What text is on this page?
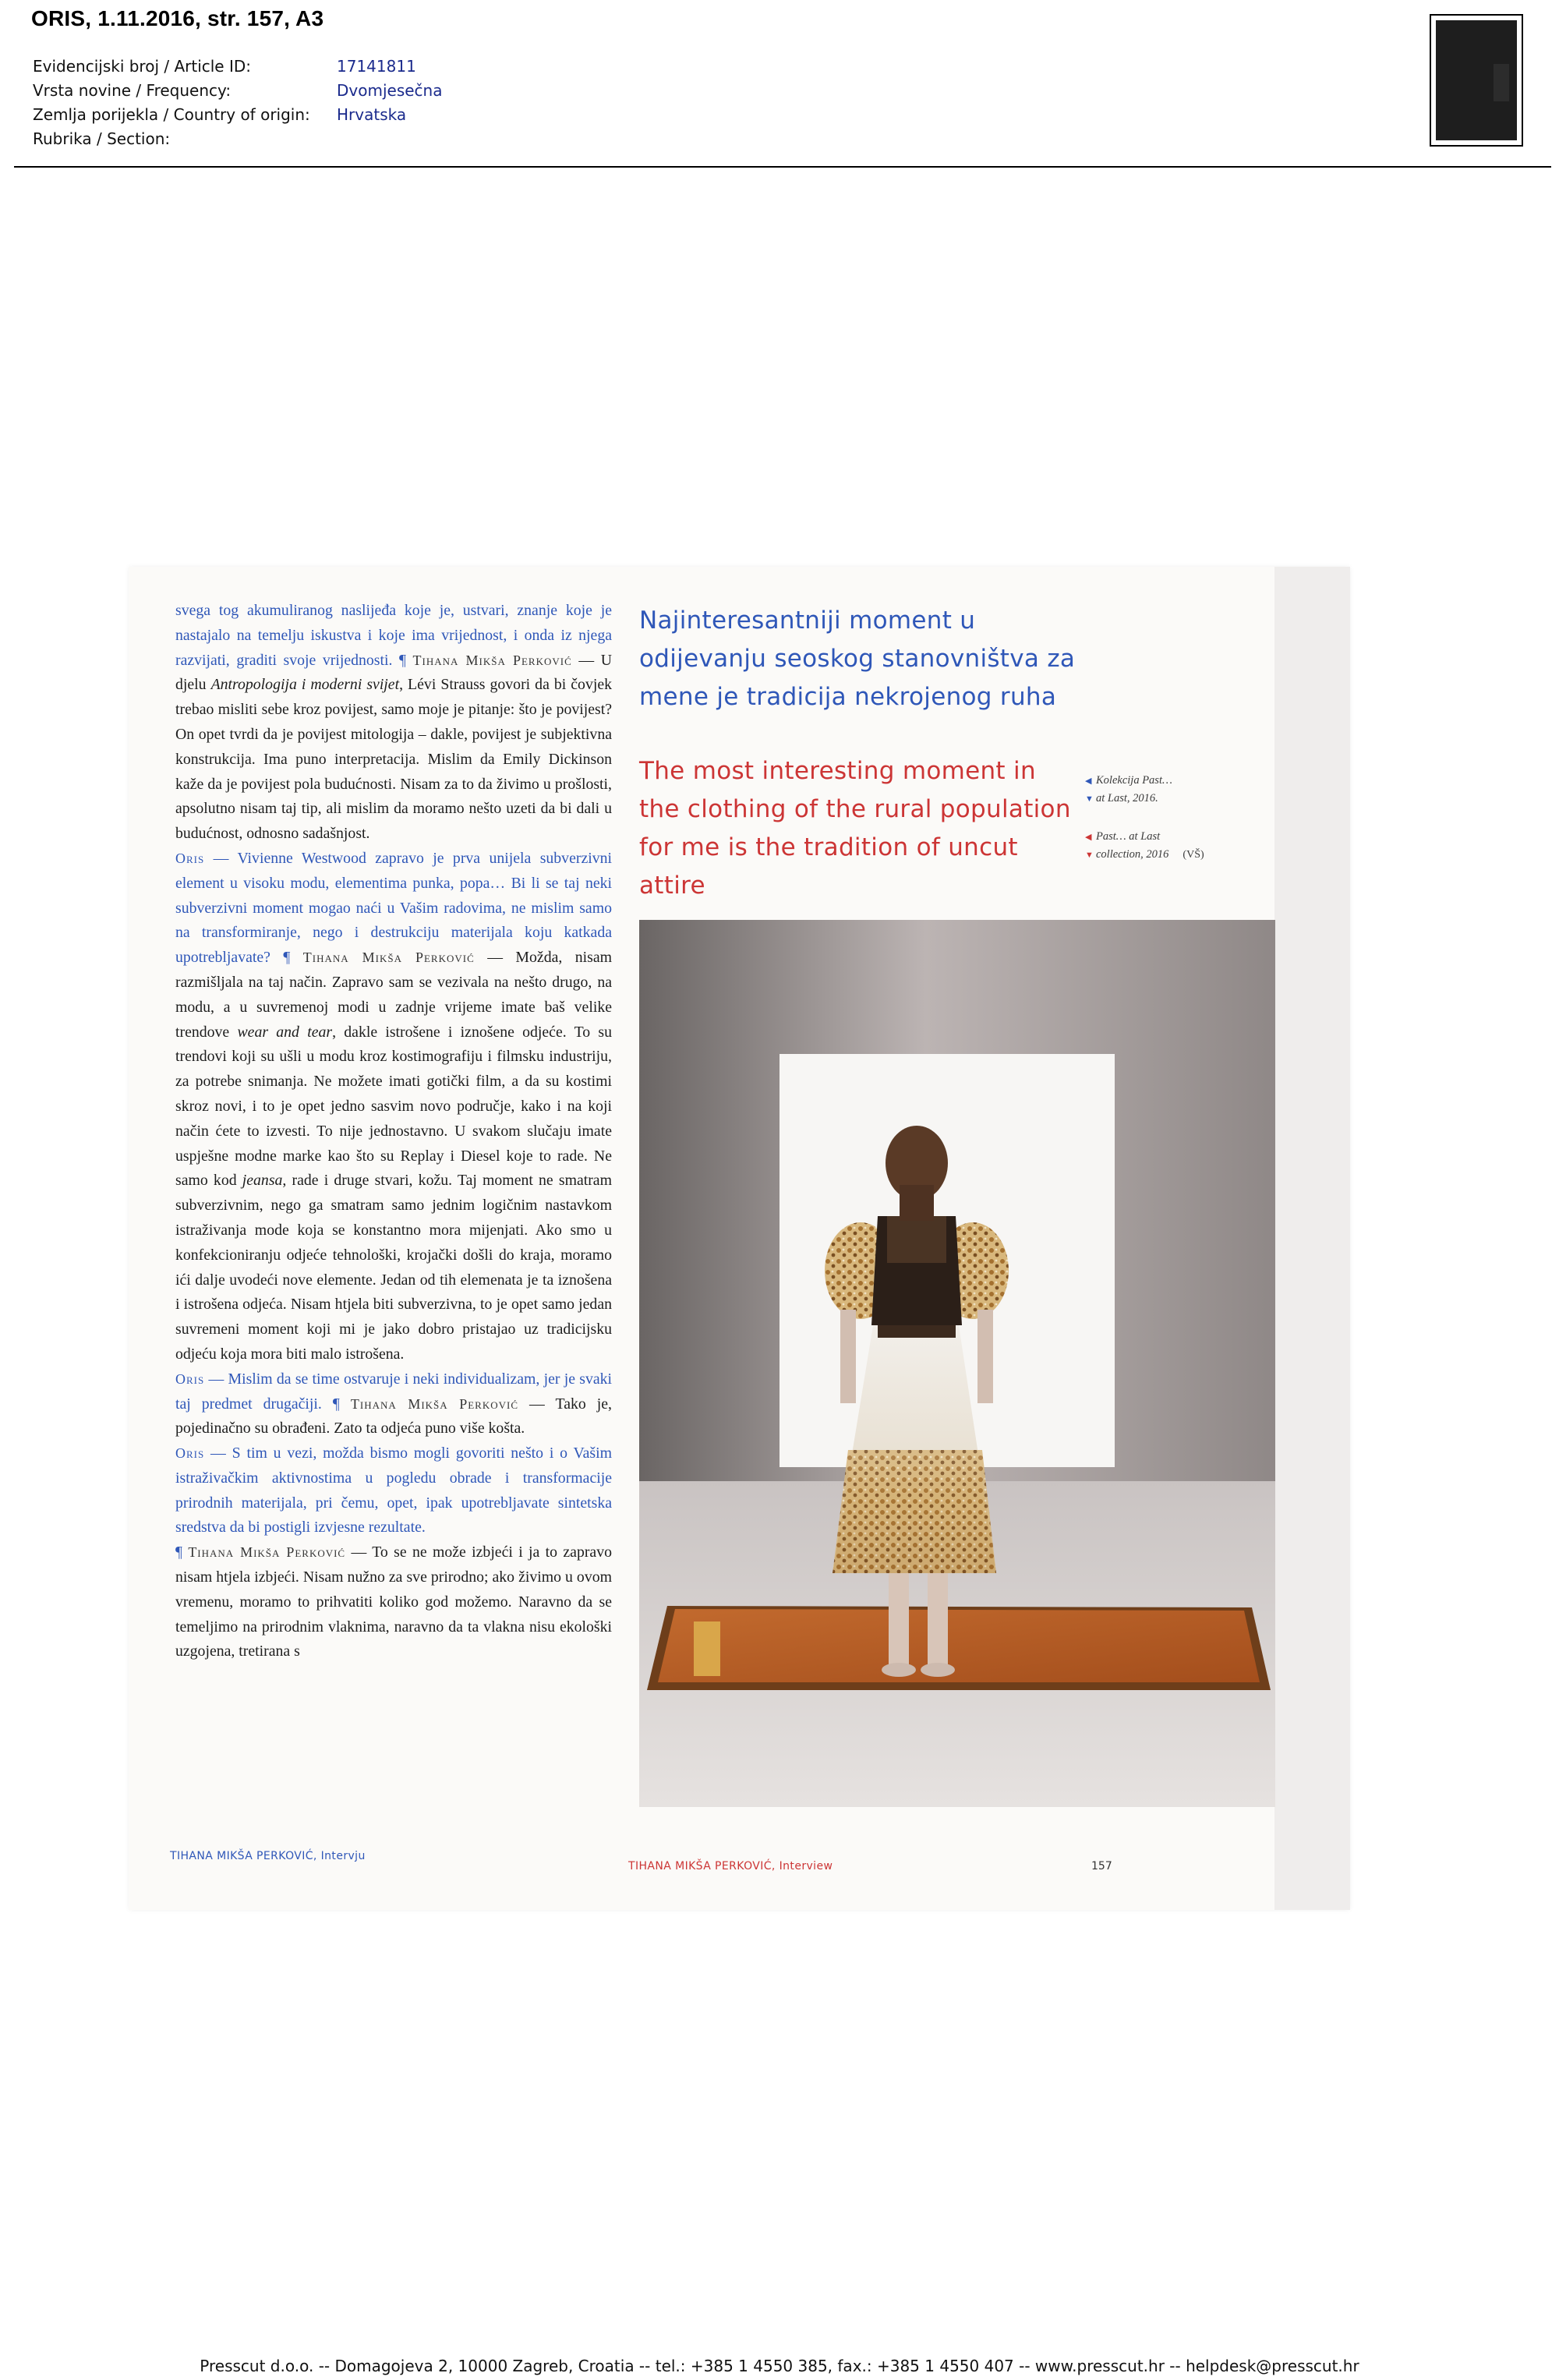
ORIS, 1.11.2016, str. 157, A3
Evidencijski broj / Article ID:	17141811
Vrsta novine / Frequency:	Dvomjesečna
Zemlja porijekla / Country of origin:	Hrvatska
Rubrika / Section:

svega tog akumuliranog naslijeđa koje je, ustvari, znanje koje je nastajalo na temelju iskustva i koje ima vrijednost, i onda iz njega razvijati, graditi svoje vrijednosti. ¶ Tihana Mikša Perković — U djelu Antropologija i moderni svijet, Lévi Strauss govori da bi čovjek trebao misliti sebe kroz povijest, samo moje je pitanje: što je povijest? On opet tvrdi da je povijest mitologija – dakle, povijest je subjektivna konstrukcija. Ima puno interpretacija. Mislim da Emily Dickinson kaže da je povijest pola budućnosti. Nisam za to da živimo u prošlosti, apsolutno nisam taj tip, ali mislim da moramo nešto uzeti da bi dali u budućnost, odnosno sadašnjost.
Oris — Vivienne Westwood zapravo je prva unijela subverzivni element u visoku modu, elementima punka, popa… Bi li se taj neki subverzivni moment mogao naći u Vašim radovima, ne mislim samo na transformiranje, nego i destrukciju materijala koju katkada upotrebljavate? ¶ Tihana Mikša Perković — Možda, nisam razmišljala na taj način. Zapravo sam se vezivala na nešto drugo, na modu, a u suvremenoj modi u zadnje vrijeme imate baš velike trendove wear and tear, dakle istrošene i iznošene odjeće. To su trendovi koji su ušli u modu kroz kostimografiju i filmsku industriju, za potrebe snimanja. Ne možete imati gotički film, a da su kostimi skroz novi, i to je opet jedno sasvim novo područje, kako i na koji način ćete to izvesti. To nije jednostavno. U svakom slučaju imate uspješne modne marke kao što su Replay i Diesel koje to rade. Ne samo kod jeansa, rade i druge stvari, kožu. Taj moment ne smatram subverzivnim, nego ga smatram samo jednim logičnim nastavkom istraživanja mode koja se konstantno mora mijenjati. Ako smo u konfekcioniranju odjeće tehnološki, krojački došli do kraja, moramo ići dalje uvodeći nove elemente. Jedan od tih elemenata je ta iznošena i istrošena odjeća. Nisam htjela biti subverzivna, to je opet samo jedan suvremeni moment koji mi je jako dobro pristajao uz tradicijsku odjeću koja mora biti malo istrošena.
Oris — Mislim da se time ostvaruje i neki individualizam, jer je svaki taj predmet drugačiji. ¶ Tihana Mikša Perković — Tako je, pojedinačno su obrađeni. Zato ta odjeća puno više košta.
Oris — S tim u vezi, možda bismo mogli govoriti nešto i o Vašim istraživačkim aktivnostima u pogledu obrade i transformacije prirodnih materijala, pri čemu, opet, ipak upotrebljavate sintetska sredstva da bi postigli izvjesne rezultate.
¶ Tihana Mikša Perković — To se ne može izbjeći i ja to zapravo nisam htjela izbjeći. Nisam nužno za sve prirodno; ako živimo u ovom vremenu, moramo to prihvatiti koliko god možemo. Naravno da se temeljimo na prirodnim vlaknima, naravno da ta vlakna nisu ekološki uzgojena, tretirana s

Najinteresantniji moment u odijevanju seoskog stanovništva za mene je tradicija nekrojenog ruha
The most interesting moment in the clothing of the rural population for me is the tradition of uncut attire
◀ Kolekcija Past…
▼ at Last, 2016.
◀ Past… at Last
▼ collection, 2016 (VŠ)
TIHANA MIKŠA PERKOVIĆ, Intervju
TIHANA MIKŠA PERKOVIĆ, Interview	157
Presscut d.o.o. -- Domagojeva 2, 10000 Zagreb, Croatia -- tel.: +385 1 4550 385, fax.: +385 1 4550 407 -- www.presscut.hr -- helpdesk@presscut.hr
